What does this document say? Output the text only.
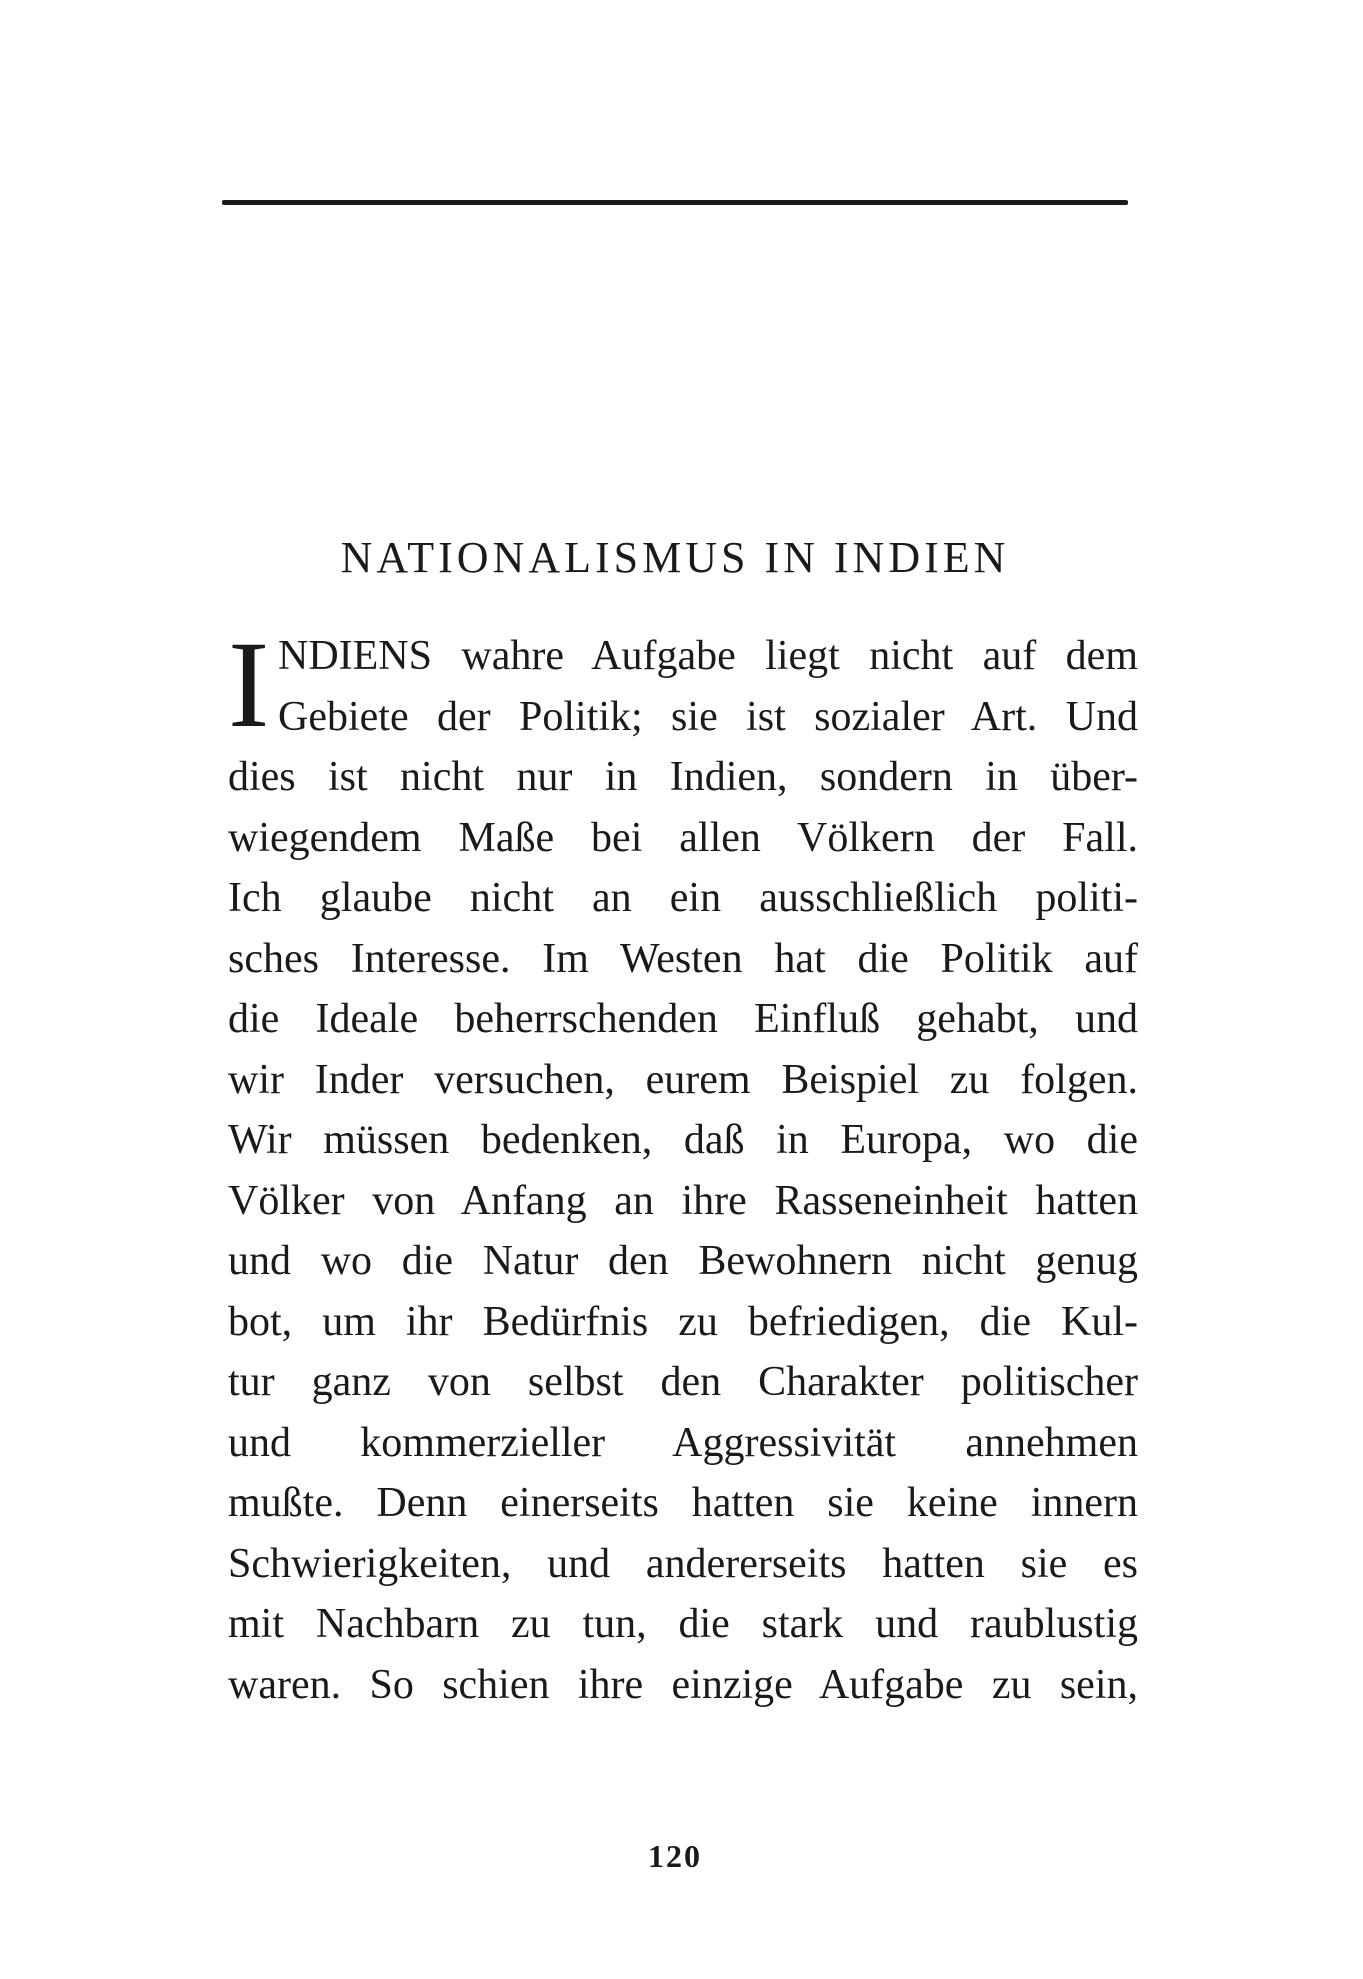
NATIONALISMUS IN INDIEN
I NDIENS wahre Aufgabe liegt nicht auf dem
Gebiete der Politik; sie ist sozialer Art. Und
dies ist nicht nur in Indien, sondern in über-
wiegendem Maße bei allen Völkern der Fall.
Ich glaube nicht an ein ausschließlich politi-
sches Interesse. Im Westen hat die Politik auf
die Ideale beherrschenden Einfluß gehabt, und
wir Inder versuchen, eurem Beispiel zu folgen.
Wir müssen bedenken, daß in Europa, wo die
Völker von Anfang an ihre Rasseneinheit hatten
und wo die Natur den Bewohnern nicht genug
bot, um ihr Bedürfnis zu befriedigen, die Kul-
tur ganz von selbst den Charakter politischer
und kommerzieller Aggressivität annehmen
mußte. Denn einerseits hatten sie keine innern
Schwierigkeiten, und andererseits hatten sie es
mit Nachbarn zu tun, die stark und raublustig
waren. So schien ihre einzige Aufgabe zu sein,
120
